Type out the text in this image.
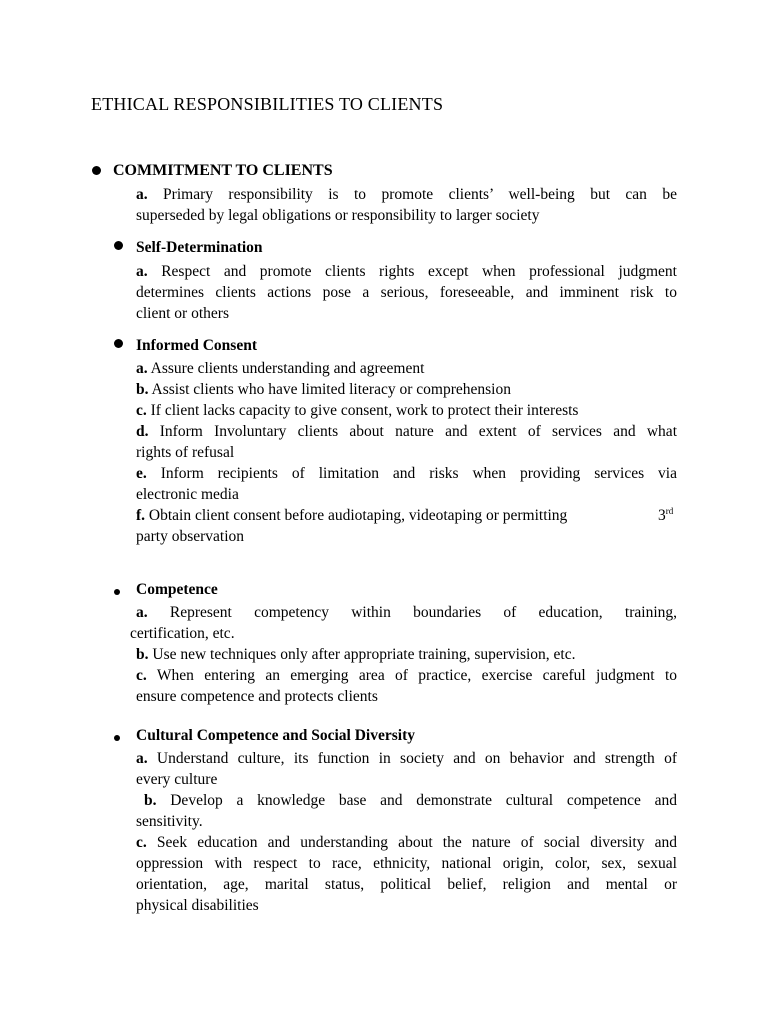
ETHICAL RESPONSIBILITIES TO CLIENTS
COMMITMENT TO CLIENTS
a. Primary responsibility is to promote clients’ well-being but can be
superseded by legal obligations or responsibility to larger society
Self-Determination
a. Respect and promote clients rights except when professional judgment
determines clients actions pose a serious, foreseeable, and imminent risk to
client or others
Informed Consent
a. Assure clients understanding and agreement
b. Assist clients who have limited literacy or comprehension
c. If client lacks capacity to give consent, work to protect their interests
d. Inform Involuntary clients about nature and extent of services and what
rights of refusal
e. Inform recipients of limitation and risks when providing services via
electronic media
f. Obtain client consent before audiotaping, videotaping or permitting	3rd
party observation
Competence
a. Represent competency within boundaries of education, training,
certification, etc.
b. Use new techniques only after appropriate training, supervision, etc.
c. When entering an emerging area of practice, exercise careful judgment to
ensure competence and protects clients
Cultural Competence and Social Diversity
a. Understand culture, its function in society and on behavior and strength of
every culture
b. Develop a knowledge base and demonstrate cultural competence and
sensitivity.
c. Seek education and understanding about the nature of social diversity and
oppression with respect to race, ethnicity, national origin, color, sex, sexual
orientation, age, marital status, political belief, religion and mental or
physical disabilities
